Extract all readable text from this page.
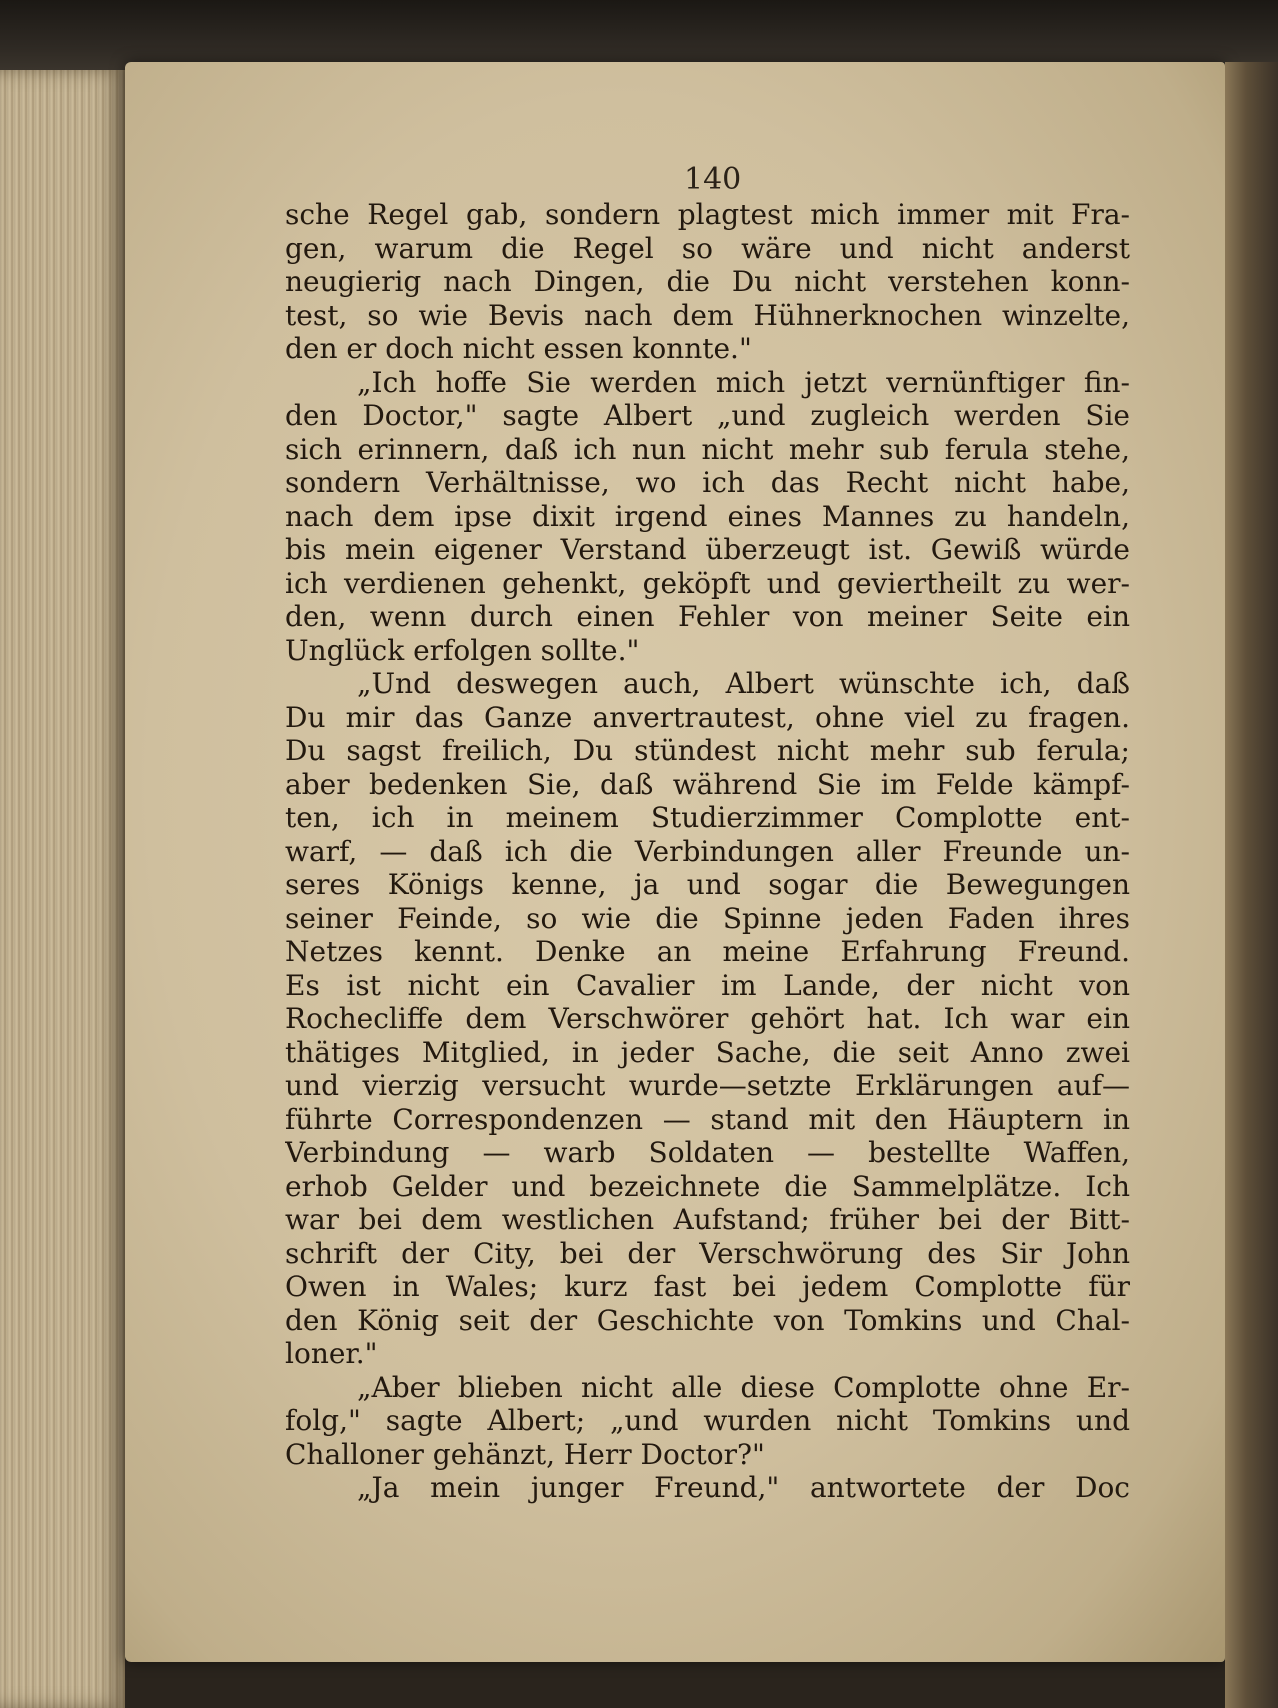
140
sche Regel gab, sondern plagtest mich immer mit Fra-
gen, warum die Regel so wäre und nicht anderst
neugierig nach Dingen, die Du nicht verstehen konn-
test, so wie Bevis nach dem Hühnerknochen winzelte,
den er doch nicht essen konnte."
„Ich hoffe Sie werden mich jetzt vernünftiger fin-
den Doctor," sagte Albert „und zugleich werden Sie
sich erinnern, daß ich nun nicht mehr sub ferula stehe,
sondern Verhältnisse, wo ich das Recht nicht habe,
nach dem ipse dixit irgend eines Mannes zu handeln,
bis mein eigener Verstand überzeugt ist. Gewiß würde
ich verdienen gehenkt, geköpft und geviertheilt zu wer-
den, wenn durch einen Fehler von meiner Seite ein
Unglück erfolgen sollte."
„Und deswegen auch, Albert wünschte ich, daß
Du mir das Ganze anvertrautest, ohne viel zu fragen.
Du sagst freilich, Du stündest nicht mehr sub ferula;
aber bedenken Sie, daß während Sie im Felde kämpf-
ten, ich in meinem Studierzimmer Complotte ent-
warf, — daß ich die Verbindungen aller Freunde un-
seres Königs kenne, ja und sogar die Bewegungen
seiner Feinde, so wie die Spinne jeden Faden ihres
Netzes kennt. Denke an meine Erfahrung Freund.
Es ist nicht ein Cavalier im Lande, der nicht von
Rochecliffe dem Verschwörer gehört hat. Ich war ein
thätiges Mitglied, in jeder Sache, die seit Anno zwei
und vierzig versucht wurde—setzte Erklärungen auf—
führte Correspondenzen — stand mit den Häuptern in
Verbindung — warb Soldaten — bestellte Waffen,
erhob Gelder und bezeichnete die Sammelplätze. Ich
war bei dem westlichen Aufstand; früher bei der Bitt-
schrift der City, bei der Verschwörung des Sir John
Owen in Wales; kurz fast bei jedem Complotte für
den König seit der Geschichte von Tomkins und Chal-
loner."
„Aber blieben nicht alle diese Complotte ohne Er-
folg," sagte Albert; „und wurden nicht Tomkins und
Challoner gehänzt, Herr Doctor?"
„Ja mein junger Freund," antwortete der Doc
